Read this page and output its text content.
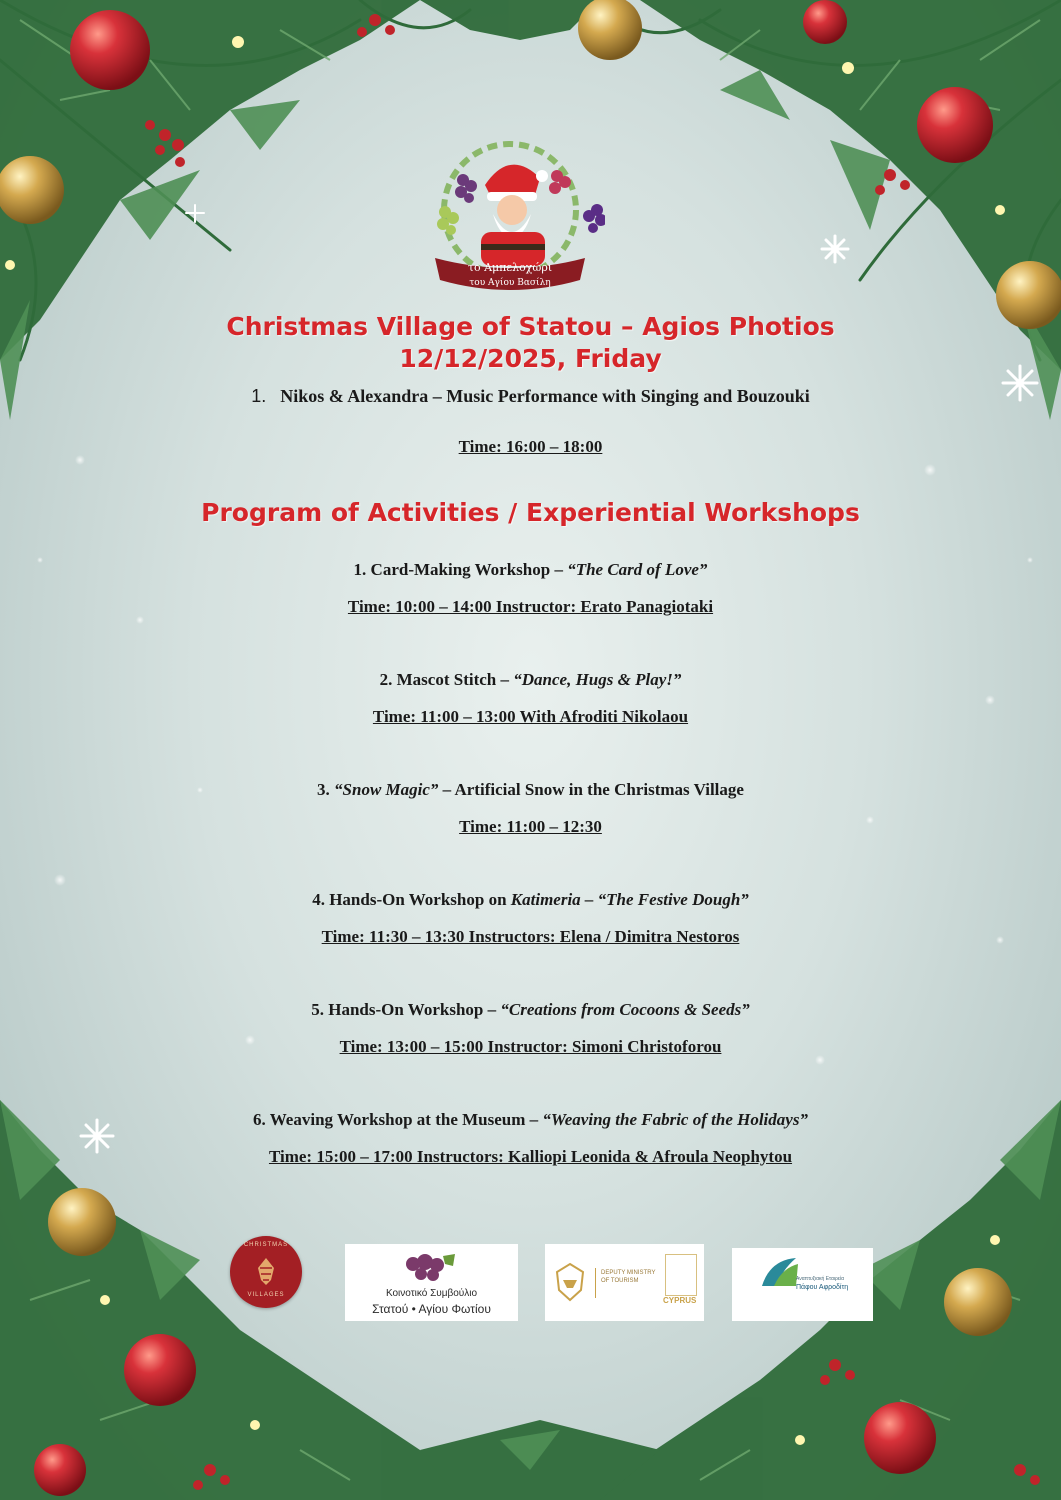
το Αμπελοχώρι
του Αγίου Βασίλη
Christmas Village of Statou – Agios Photios
12/12/2025, Friday
1. Nikos & Alexandra – Music Performance with Singing and Bouzouki
Time: 16:00 – 18:00
Program of Activities / Experiential Workshops
1. Card-Making Workshop – “The Card of Love”
Time: 10:00 – 14:00 Instructor: Erato Panagiotaki
2. Mascot Stitch – “Dance, Hugs & Play!”
Time: 11:00 – 13:00 With Afroditi Nikolaou
3. “Snow Magic” – Artificial Snow in the Christmas Village
Time: 11:00 – 12:30
4. Hands-On Workshop on Katimeria – “The Festive Dough”
Time: 11:30 – 13:30 Instructors: Elena / Dimitra Nestoros
5. Hands-On Workshop – “Creations from Cocoons & Seeds”
Time: 13:00 – 15:00 Instructor: Simoni Christoforou
6. Weaving Workshop at the Museum – “Weaving the Fabric of the Holidays”
Time: 15:00 – 17:00 Instructors: Kalliopi Leonida & Afroula Neophytou
CHRISTMAS
VILLAGES	Κοινοτικό Συμβούλιο
Στατού • Αγίου Φωτίου
DEPUTY MINISTRY
OF TOURISM
CYPRUS
Αναπτυξιακή Εταιρεία
Πάφου Αφροδίτη
